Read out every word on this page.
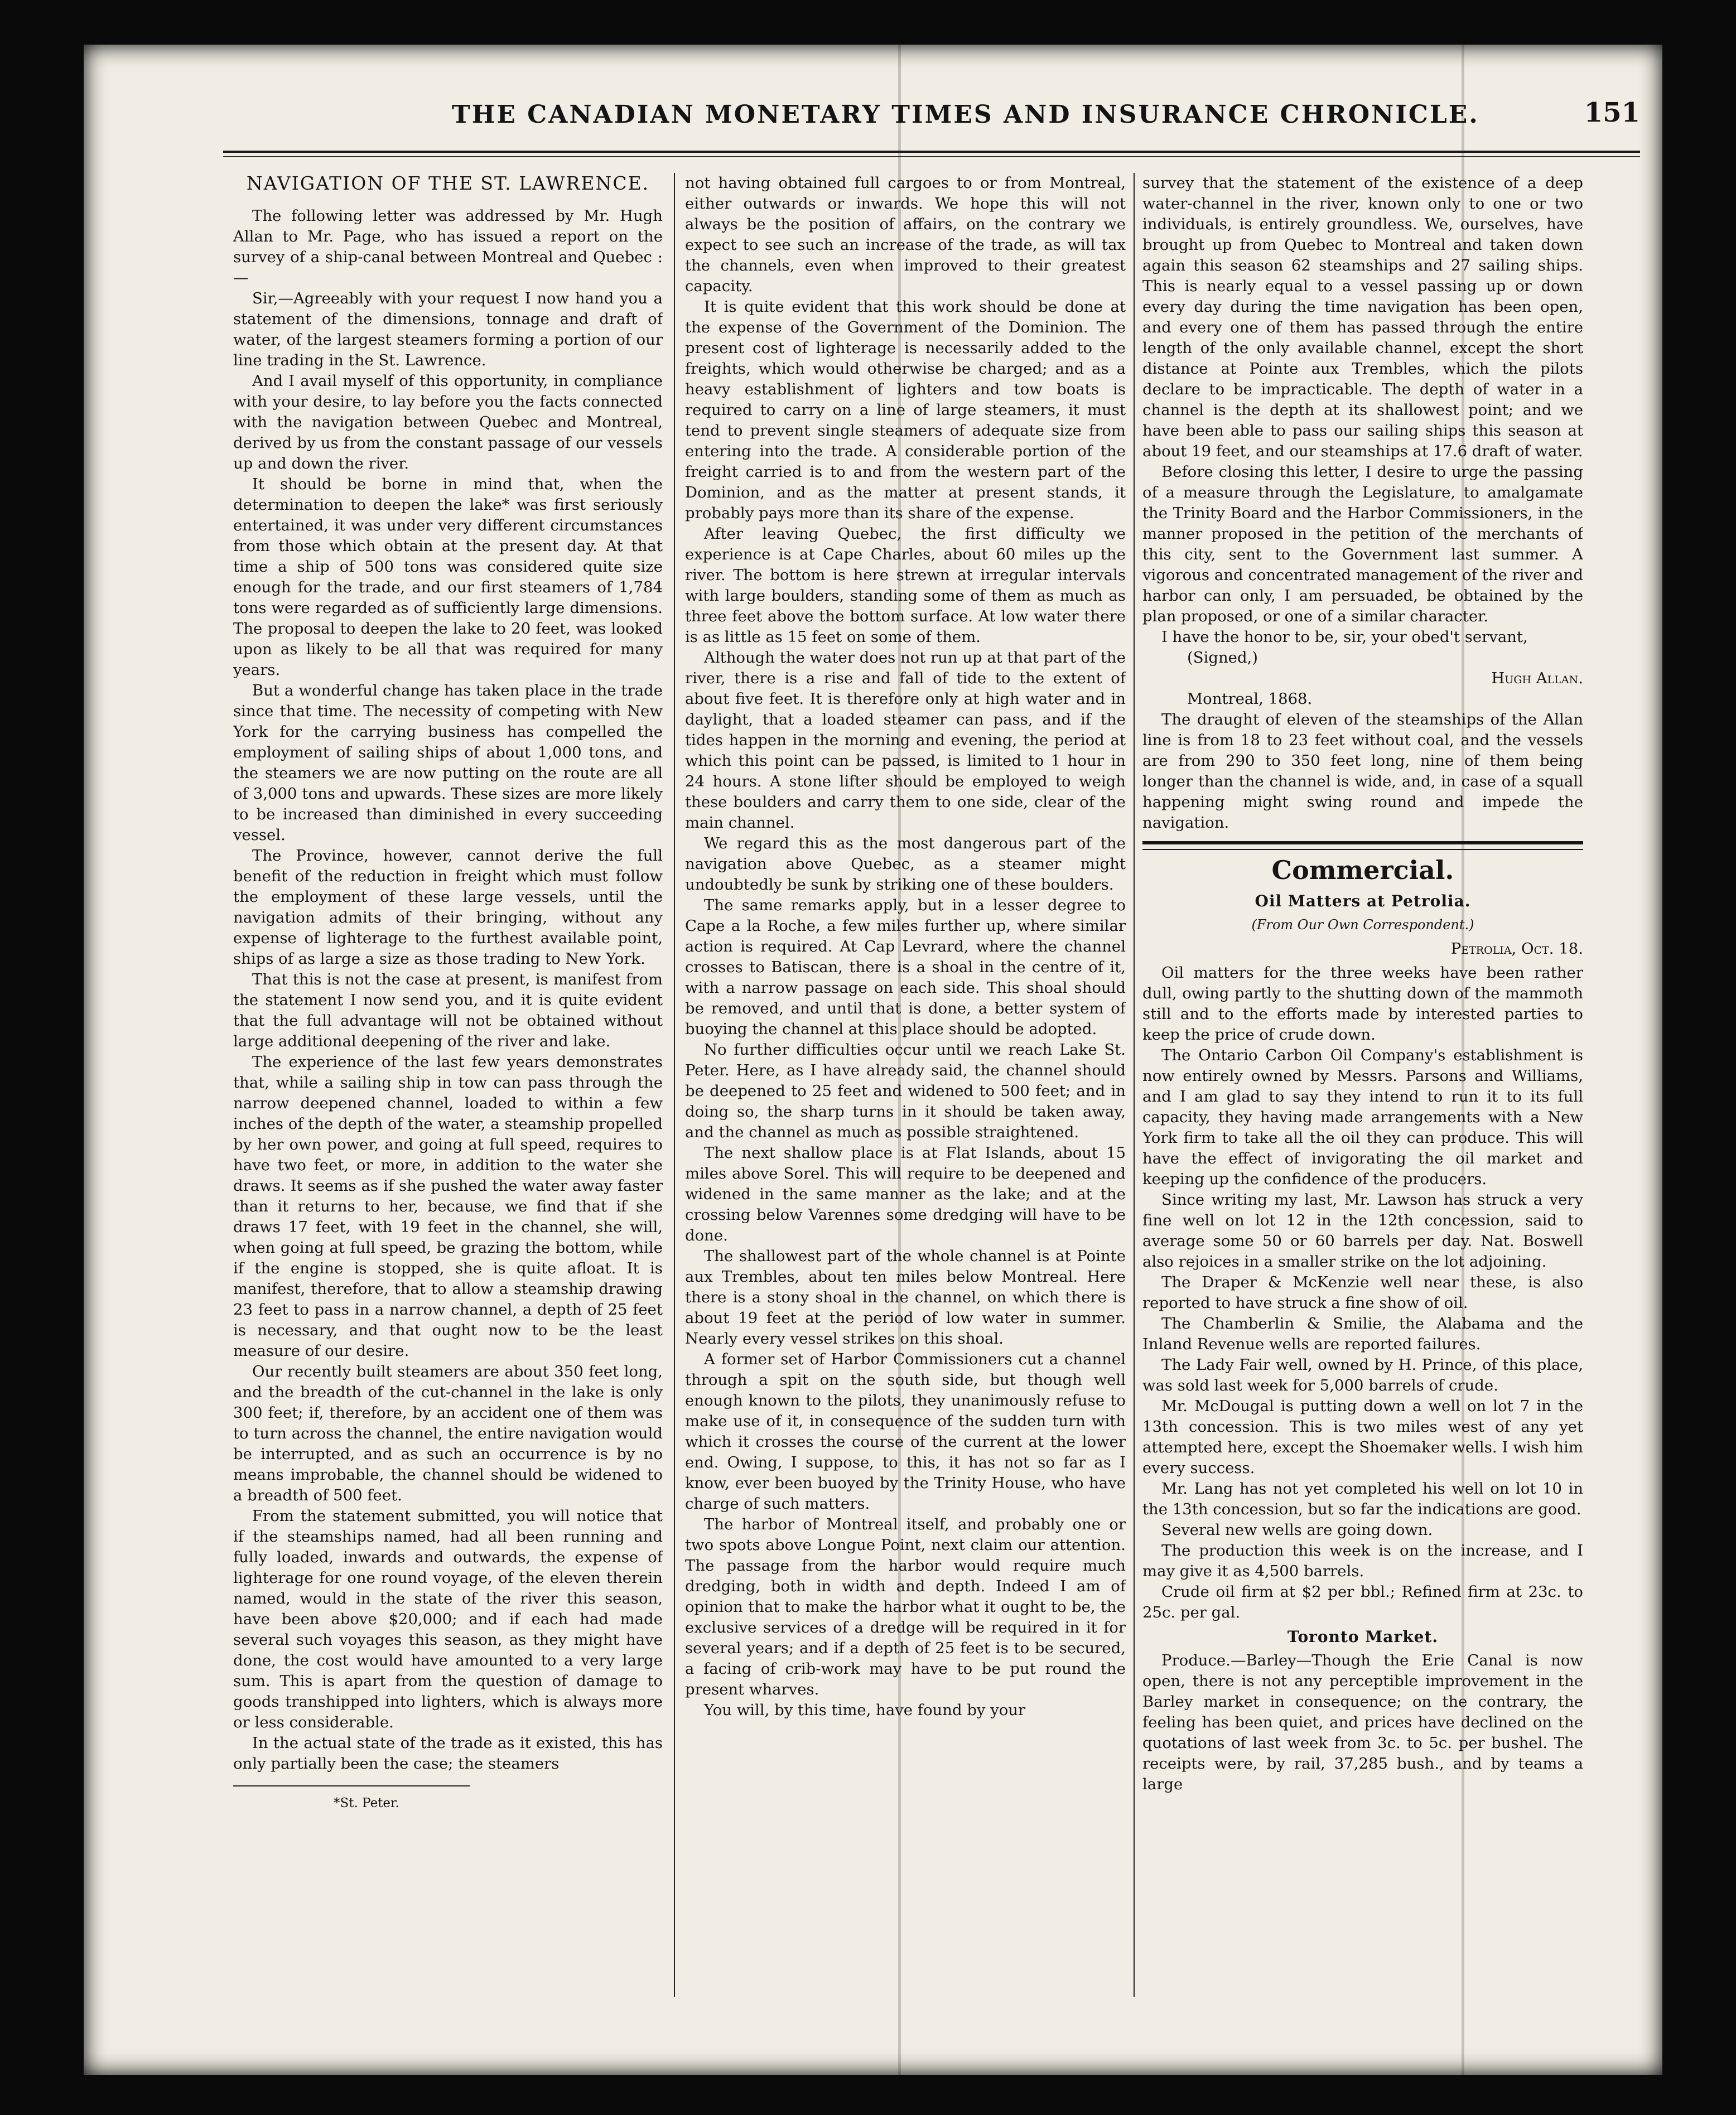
THE CANADIAN MONETARY TIMES AND INSURANCE CHRONICLE.	151
NAVIGATION OF THE ST. LAWRENCE.

The following letter was addressed by Mr. Hugh Allan to Mr. Page, who has issued a report on the survey of a ship-canal between Montreal and Quebec :—

Sir,—Agreeably with your request I now hand you a statement of the dimensions, tonnage and draft of water, of the largest steamers forming a portion of our line trading in the St. Lawrence.

And I avail myself of this opportunity, in compliance with your desire, to lay before you the facts connected with the navigation between Quebec and Montreal, derived by us from the constant passage of our vessels up and down the river.

It should be borne in mind that, when the determination to deepen the lake* was first seriously entertained, it was under very different circumstances from those which obtain at the present day. At that time a ship of 500 tons was considered quite size enough for the trade, and our first steamers of 1,784 tons were regarded as of sufficiently large dimensions. The proposal to deepen the lake to 20 feet, was looked upon as likely to be all that was required for many years.

But a wonderful change has taken place in the trade since that time. The necessity of competing with New York for the carrying business has compelled the employment of sailing ships of about 1,000 tons, and the steamers we are now putting on the route are all of 3,000 tons and upwards. These sizes are more likely to be increased than diminished in every succeeding vessel.

The Province, however, cannot derive the full benefit of the reduction in freight which must follow the employment of these large vessels, until the navigation admits of their bringing, without any expense of lighterage to the furthest available point, ships of as large a size as those trading to New York.

That this is not the case at present, is manifest from the statement I now send you, and it is quite evident that the full advantage will not be obtained without large additional deepening of the river and lake.

The experience of the last few years demonstrates that, while a sailing ship in tow can pass through the narrow deepened channel, loaded to within a few inches of the depth of the water, a steamship propelled by her own power, and going at full speed, requires to have two feet, or more, in addition to the water she draws. It seems as if she pushed the water away faster than it returns to her, because, we find that if she draws 17 feet, with 19 feet in the channel, she will, when going at full speed, be grazing the bottom, while if the engine is stopped, she is quite afloat. It is manifest, therefore, that to allow a steamship drawing 23 feet to pass in a narrow channel, a depth of 25 feet is necessary, and that ought now to be the least measure of our desire.

Our recently built steamers are about 350 feet long, and the breadth of the cut-channel in the lake is only 300 feet; if, therefore, by an accident one of them was to turn across the channel, the entire navigation would be interrupted, and as such an occurrence is by no means improbable, the channel should be widened to a breadth of 500 feet.

From the statement submitted, you will notice that if the steamships named, had all been running and fully loaded, inwards and outwards, the expense of lighterage for one round voyage, of the eleven therein named, would in the state of the river this season, have been above $20,000; and if each had made several such voyages this season, as they might have done, the cost would have amounted to a very large sum. This is apart from the question of damage to goods transhipped into lighters, which is always more or less considerable.

In the actual state of the trade as it existed, this has only partially been the case; the steamers

*St. Peter.

not having obtained full cargoes to or from Montreal, either outwards or inwards. We hope this will not always be the position of affairs, on the contrary we expect to see such an increase of the trade, as will tax the channels, even when improved to their greatest capacity.

It is quite evident that this work should be done at the expense of the Government of the Dominion. The present cost of lighterage is necessarily added to the freights, which would otherwise be charged; and as a heavy establishment of lighters and tow boats is required to carry on a line of large steamers, it must tend to prevent single steamers of adequate size from entering into the trade. A considerable portion of the freight carried is to and from the western part of the Dominion, and as the matter at present stands, it probably pays more than its share of the expense.

After leaving Quebec, the first difficulty we experience is at Cape Charles, about 60 miles up the river. The bottom is here strewn at irregular intervals with large boulders, standing some of them as much as three feet above the bottom surface. At low water there is as little as 15 feet on some of them.

Although the water does not run up at that part of the river, there is a rise and fall of tide to the extent of about five feet. It is therefore only at high water and in daylight, that a loaded steamer can pass, and if the tides happen in the morning and evening, the period at which this point can be passed, is limited to 1 hour in 24 hours. A stone lifter should be employed to weigh these boulders and carry them to one side, clear of the main channel.

We regard this as the most dangerous part of the navigation above Quebec, as a steamer might undoubtedly be sunk by striking one of these boulders.

The same remarks apply, but in a lesser degree to Cape a la Roche, a few miles further up, where similar action is required. At Cap Levrard, where the channel crosses to Batiscan, there is a shoal in the centre of it, with a narrow passage on each side. This shoal should be removed, and until that is done, a better system of buoying the channel at this place should be adopted.

No further difficulties occur until we reach Lake St. Peter. Here, as I have already said, the channel should be deepened to 25 feet and widened to 500 feet; and in doing so, the sharp turns in it should be taken away, and the channel as much as possible straightened.

The next shallow place is at Flat Islands, about 15 miles above Sorel. This will require to be deepened and widened in the same manner as the lake; and at the crossing below Varennes some dredging will have to be done.

The shallowest part of the whole channel is at Pointe aux Trembles, about ten miles below Montreal. Here there is a stony shoal in the channel, on which there is about 19 feet at the period of low water in summer. Nearly every vessel strikes on this shoal.

A former set of Harbor Commissioners cut a channel through a spit on the south side, but though well enough known to the pilots, they unanimously refuse to make use of it, in consequence of the sudden turn with which it crosses the course of the current at the lower end. Owing, I suppose, to this, it has not so far as I know, ever been buoyed by the Trinity House, who have charge of such matters.

The harbor of Montreal itself, and probably one or two spots above Longue Point, next claim our attention. The passage from the harbor would require much dredging, both in width and depth. Indeed I am of opinion that to make the harbor what it ought to be, the exclusive services of a dredge will be required in it for several years; and if a depth of 25 feet is to be secured, a facing of crib-work may have to be put round the present wharves.

You will, by this time, have found by your

survey that the statement of the existence of a deep water-channel in the river, known only to one or two individuals, is entirely groundless. We, ourselves, have brought up from Quebec to Montreal and taken down again this season 62 steamships and 27 sailing ships. This is nearly equal to a vessel passing up or down every day during the time navigation has been open, and every one of them has passed through the entire length of the only available channel, except the short distance at Pointe aux Trembles, which the pilots declare to be impracticable. The depth of water in a channel is the depth at its shallowest point; and we have been able to pass our sailing ships this season at about 19 feet, and our steamships at 17.6 draft of water.

Before closing this letter, I desire to urge the passing of a measure through the Legislature, to amalgamate the Trinity Board and the Harbor Commissioners, in the manner proposed in the petition of the merchants of this city, sent to the Government last summer. A vigorous and concentrated management of the river and harbor can only, I am persuaded, be obtained by the plan proposed, or one of a similar character.

I have the honor to be, sir, your obed't servant,

(Signed,)

Hugh Allan.

Montreal, 1868.

The draught of eleven of the steamships of the Allan line is from 18 to 23 feet without coal, and the vessels are from 290 to 350 feet long, nine of them being longer than the channel is wide, and, in case of a squall happening might swing round and impede the navigation.

Commercial.
Oil Matters at Petrolia.
(From Our Own Correspondent.)

Petrolia, Oct. 18.

Oil matters for the three weeks have been rather dull, owing partly to the shutting down of the mammoth still and to the efforts made by interested parties to keep the price of crude down.

The Ontario Carbon Oil Company's establishment is now entirely owned by Messrs. Parsons and Williams, and I am glad to say they intend to run it to its full capacity, they having made arrangements with a New York firm to take all the oil they can produce. This will have the effect of invigorating the oil market and keeping up the confidence of the producers.

Since writing my last, Mr. Lawson has struck a very fine well on lot 12 in the 12th concession, said to average some 50 or 60 barrels per day. Nat. Boswell also rejoices in a smaller strike on the lot adjoining.

The Draper & McKenzie well near these, is also reported to have struck a fine show of oil.

The Chamberlin & Smilie, the Alabama and the Inland Revenue wells are reported failures.

The Lady Fair well, owned by H. Prince, of this place, was sold last week for 5,000 barrels of crude.

Mr. McDougal is putting down a well on lot 7 in the 13th concession. This is two miles west of any yet attempted here, except the Shoemaker wells. I wish him every success.

Mr. Lang has not yet completed his well on lot 10 in the 13th concession, but so far the indications are good.

Several new wells are going down.

The production this week is on the increase, and I may give it as 4,500 barrels.

Crude oil firm at $2 per bbl.; Refined firm at 23c. to 25c. per gal.

Toronto Market.

Produce.—Barley—Though the Erie Canal is now open, there is not any perceptible improvement in the Barley market in consequence; on the contrary, the feeling has been quiet, and prices have declined on the quotations of last week from 3c. to 5c. per bushel. The receipts were, by rail, 37,285 bush., and by teams a large
